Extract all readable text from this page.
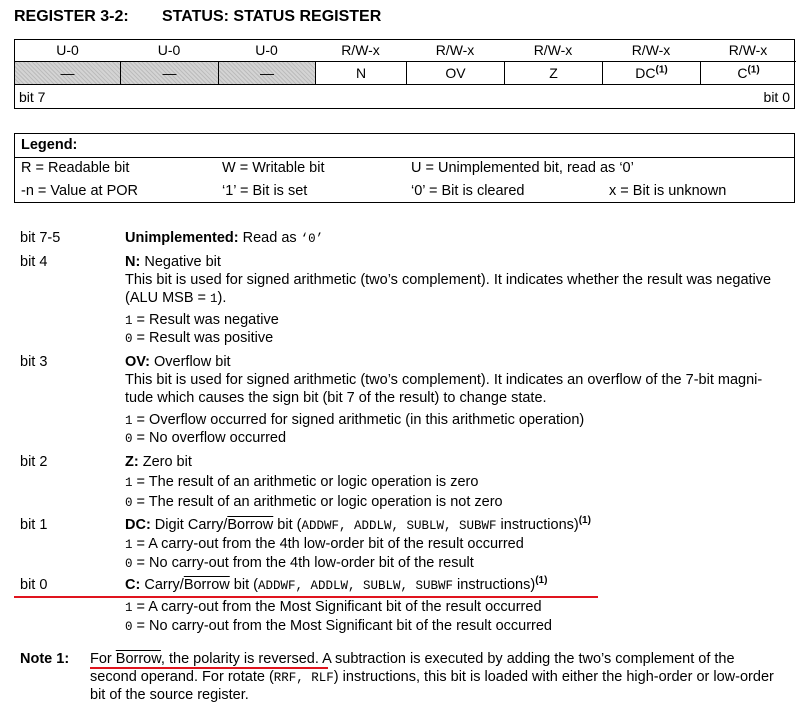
REGISTER 3-2: STATUS: STATUS REGISTER
U-0	U-0	U-0	R/W-x	R/W-x	R/W-x	R/W-x	R/W-x
—	—	—	N	OV	Z	DC$^{(1)}$	$C^{(1)}$
bit 7	bit 0
Legend:
R = Readable bit	W = Writable bit	U = Unimplemented bit, read as ‘0’
-n = Value at POR	‘1’ = Bit is set	‘0’ = Bit is cleared	x = Bit is unknown
bit 7-5	Unimplemented: Read as ‘0’
bit 4	N: Negative bit
This bit is used for signed arithmetic (two’s complement). It indicates whether the result was negative
(ALU MSB = 1).
1 = Result was negative
0 = Result was positive
bit 3	OV: Overflow bit
This bit is used for signed arithmetic (two’s complement). It indicates an overflow of the 7-bit magni-
tude which causes the sign bit (bit 7 of the result) to change state.
1 = Overflow occurred for signed arithmetic (in this arithmetic operation)
0 = No overflow occurred
bit 2	Z: Zero bit
1 = The result of an arithmetic or logic operation is zero
0 = The result of an arithmetic or logic operation is not zero
bit 1	DC: Digit Carry/Borrow bit (ADDWF, ADDLW, SUBLW, SUBWF instructions)$^{(1)}$
1 = A carry-out from the 4th low-order bit of the result occurred
0 = No carry-out from the 4th low-order bit of the result
bit 0	C: Carry/Borrow bit (ADDWF, ADDLW, SUBLW, SUBWF instructions)$^{(1)}$
1 = A carry-out from the Most Significant bit of the result occurred
0 = No carry-out from the Most Significant bit of the result occurred
Note 1: For Borrow, the polarity is reversed. A subtraction is executed by adding the two’s complement of the
second operand. For rotate (RRF, RLF) instructions, this bit is loaded with either the high-order or low-order
bit of the source register.
